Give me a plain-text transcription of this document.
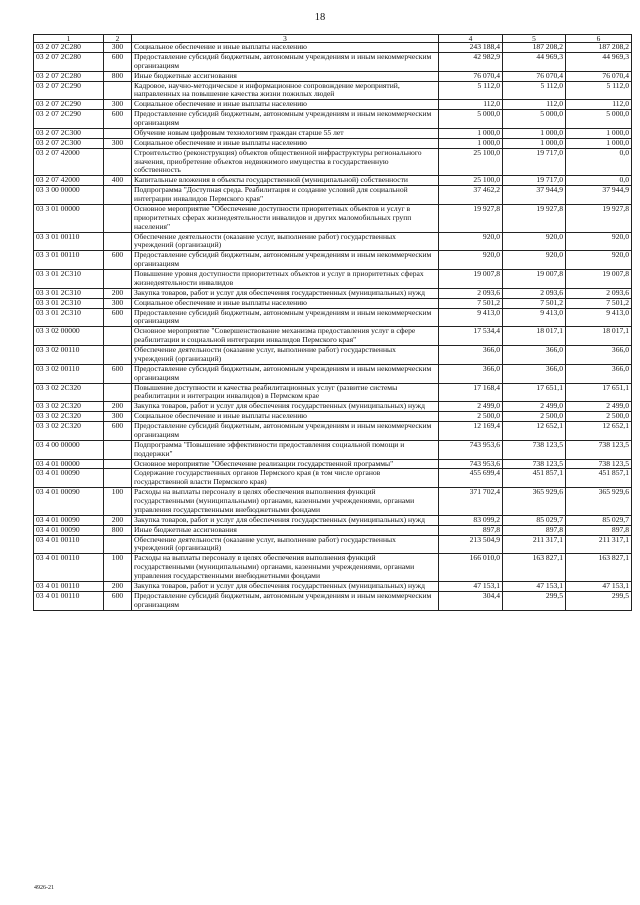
18
1	2	3	4	5	6
03 2 07 2С280	300	Социальное обеспечение и иные выплаты населению	243 188,4	187 208,2	187 208,2
03 2 07 2С280	600	Предоставление субсидий бюджетным, автономным учреждениям и иным некоммерческим организациям	42 982,9	44 969,3	44 969,3
03 2 07 2С280	800	Иные бюджетные ассигнования	76 070,4	76 070,4	76 070,4
03 2 07 2С290		Кадровое, научно-методическое и информационное сопровождение мероприятий, направленных на повышение качества жизни пожилых людей	5 112,0	5 112,0	5 112,0
03 2 07 2С290	300	Социальное обеспечение и иные выплаты населению	112,0	112,0	112,0
03 2 07 2С290	600	Предоставление субсидий бюджетным, автономным учреждениям и иным некоммерческим организациям	5 000,0	5 000,0	5 000,0
03 2 07 2С300		Обучение новым цифровым технологиям граждан старше 55 лет	1 000,0	1 000,0	1 000,0
03 2 07 2С300	300	Социальное обеспечение и иные выплаты населению	1 000,0	1 000,0	1 000,0
03 2 07 42000		Строительство (реконструкция) объектов общественной инфраструктуры регионального значения, приобретение объектов недвижимого имущества в государственную собственность	25 100,0	19 717,0	0,0
03 2 07 42000	400	Капитальные вложения в объекты государственной (муниципальной) собственности	25 100,0	19 717,0	0,0
03 3 00 00000		Подпрограмма "Доступная среда. Реабилитация и создание условий для социальной интеграции инвалидов Пермского края"	37 462,2	37 944,9	37 944,9
03 3 01 00000		Основное мероприятие "Обеспечение доступности приоритетных объектов и услуг в приоритетных сферах жизнедеятельности инвалидов и других маломобильных групп населения"	19 927,8	19 927,8	19 927,8
03 3 01 00110		Обеспечение деятельности (оказание услуг, выполнение работ) государственных учреждений (организаций)	920,0	920,0	920,0
03 3 01 00110	600	Предоставление субсидий бюджетным, автономным учреждениям и иным некоммерческим организациям	920,0	920,0	920,0
03 3 01 2С310		Повышение уровня доступности приоритетных объектов и услуг в приоритетных сферах жизнедеятельности инвалидов	19 007,8	19 007,8	19 007,8
03 3 01 2С310	200	Закупка товаров, работ и услуг для обеспечения государственных (муниципальных) нужд	2 093,6	2 093,6	2 093,6
03 3 01 2С310	300	Социальное обеспечение и иные выплаты населению	7 501,2	7 501,2	7 501,2
03 3 01 2С310	600	Предоставление субсидий бюджетным, автономным учреждениям и иным некоммерческим организациям	9 413,0	9 413,0	9 413,0
03 3 02 00000		Основное мероприятие "Совершенствование механизма предоставления услуг в сфере реабилитации и социальной интеграции инвалидов Пермского края"	17 534,4	18 017,1	18 017,1
03 3 02 00110		Обеспечение деятельности (оказание услуг, выполнение работ) государственных учреждений (организаций)	366,0	366,0	366,0
03 3 02 00110	600	Предоставление субсидий бюджетным, автономным учреждениям и иным некоммерческим организациям	366,0	366,0	366,0
03 3 02 2С320		Повышение доступности и качества реабилитационных услуг (развитие системы реабилитации и интеграции инвалидов) в Пермском крае	17 168,4	17 651,1	17 651,1
03 3 02 2С320	200	Закупка товаров, работ и услуг для обеспечения государственных (муниципальных) нужд	2 499,0	2 499,0	2 499,0
03 3 02 2С320	300	Социальное обеспечение и иные выплаты населению	2 500,0	2 500,0	2 500,0
03 3 02 2С320	600	Предоставление субсидий бюджетным, автономным учреждениям и иным некоммерческим организациям	12 169,4	12 652,1	12 652,1
03 4 00 00000		Подпрограмма "Повышение эффективности предоставления социальной помощи и поддержки"	743 953,6	738 123,5	738 123,5
03 4 01 00000		Основное мероприятие "Обеспечение реализации государственной программы"	743 953,6	738 123,5	738 123,5
03 4 01 00090		Содержание государственных органов Пермского края (в том числе органов государственной власти Пермского края)	455 699,4	451 857,1	451 857,1
03 4 01 00090	100	Расходы на выплаты персоналу в целях обеспечения выполнения функций государственными (муниципальными) органами, казенными учреждениями, органами управления государственными внебюджетными фондами	371 702,4	365 929,6	365 929,6
03 4 01 00090	200	Закупка товаров, работ и услуг для обеспечения государственных (муниципальных) нужд	83 099,2	85 029,7	85 029,7
03 4 01 00090	800	Иные бюджетные ассигнования	897,8	897,8	897,8
03 4 01 00110		Обеспечение деятельности (оказание услуг, выполнение работ) государственных учреждений (организаций)	213 504,9	211 317,1	211 317,1
03 4 01 00110	100	Расходы на выплаты персоналу в целях обеспечения выполнения функций государственными (муниципальными) органами, казенными учреждениями, органами управления государственными внебюджетными фондами	166 010,0	163 827,1	163 827,1
03 4 01 00110	200	Закупка товаров, работ и услуг для обеспечения государственных (муниципальных) нужд	47 153,1	47 153,1	47 153,1
03 4 01 00110	600	Предоставление субсидий бюджетным, автономным учреждениям и иным некоммерческим организациям	304,4	299,5	299,5
4926-21
